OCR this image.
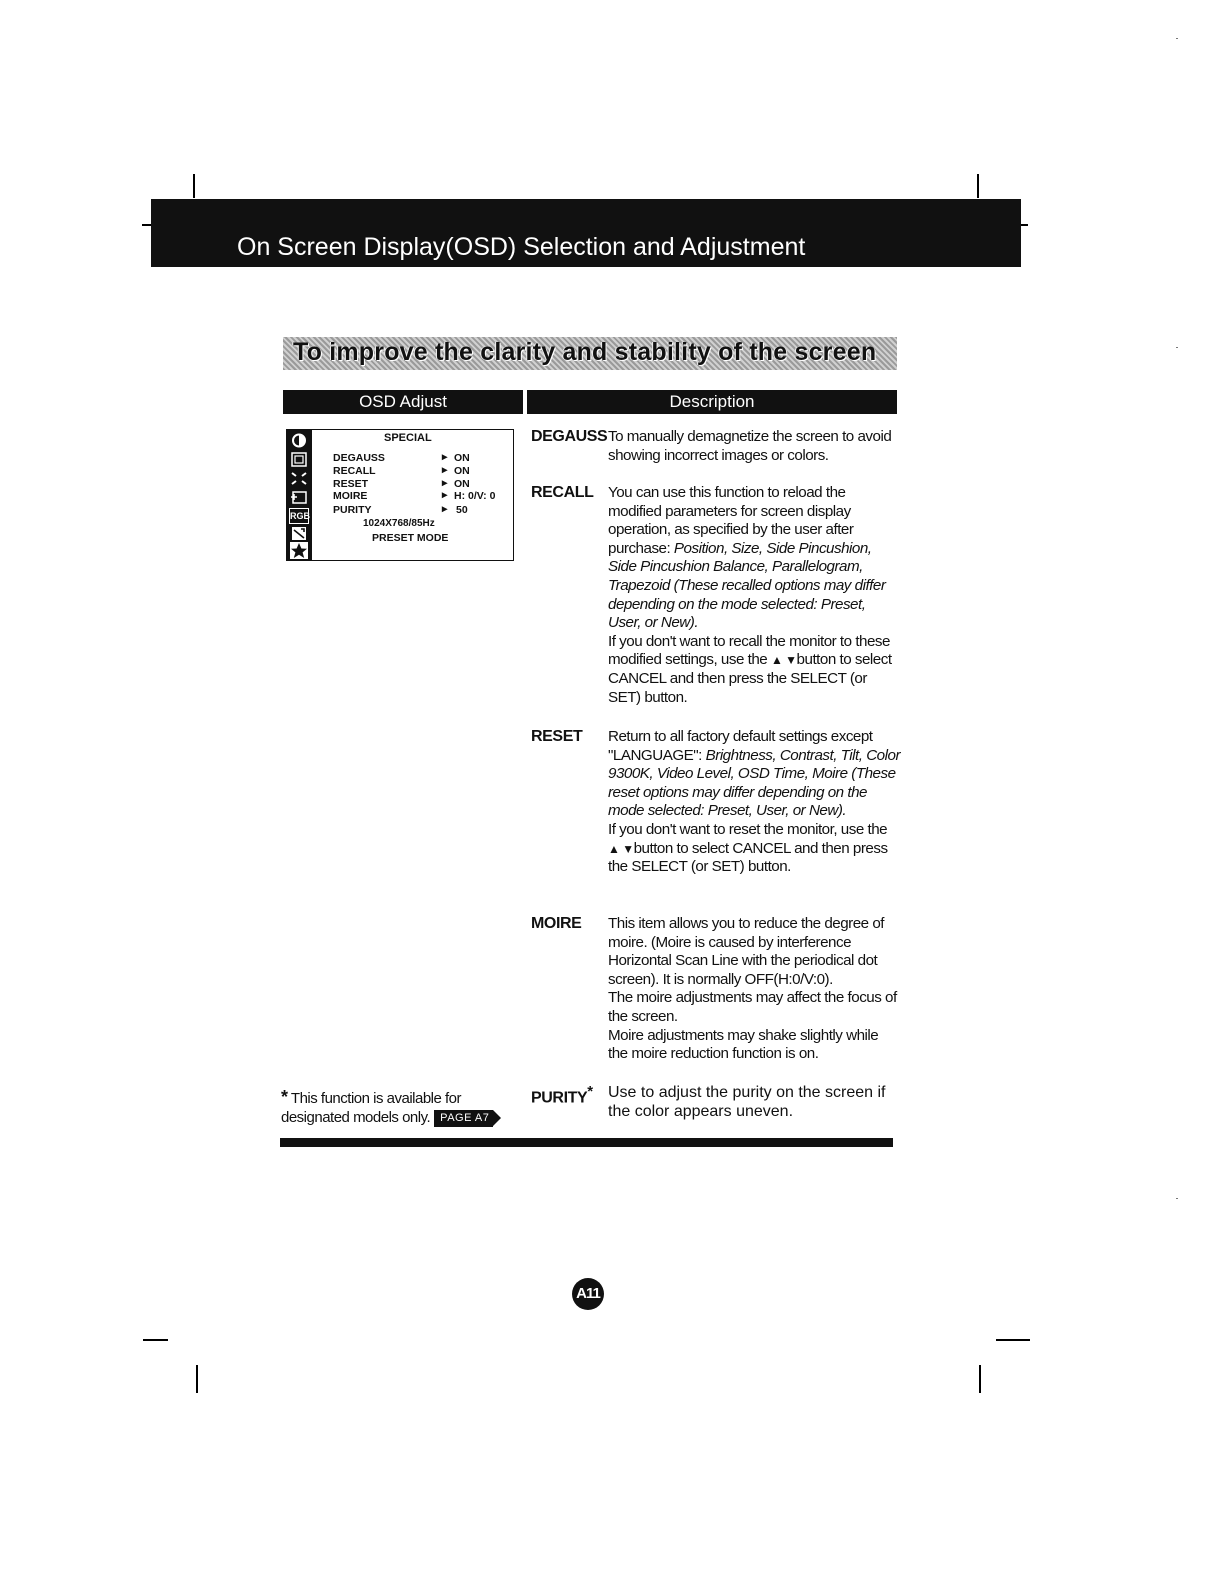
On Screen Display(OSD) Selection and Adjustment
To improve the clarity and stability of the screen
OSD Adjust	Description
RGB
SPECIAL
DEGAUSS	▸ ON
RECALL	▸ ON
RESET	▸ ON
MOIRE	▸ H: 0/V: 0
PURITY	▸ 50
1024X768/85Hz
PRESET MODE
DEGAUSS To manually demagnetize the screen to avoid showing incorrect images or colors.

RECALL You can use this function to reload the modified parameters for screen display operation, as specified by the user after purchase: Position, Size, Side Pincushion, Side Pincushion Balance, Parallelogram, Trapezoid (These recalled options may differ depending on the mode selected: Preset, User, or New).

If you don't want to recall the monitor to these modified settings, use the ▲ ▼button to select CANCEL and then press the SELECT (or SET) button.

RESET Return to all factory default settings except "LANGUAGE": Brightness, Contrast, Tilt, Color 9300K, Video Level, OSD Time, Moire (These reset options may differ depending on the mode selected: Preset, User, or New).

If you don't want to reset the monitor, use the ▲ ▼button to select CANCEL and then press the SELECT (or SET) button.

MOIRE This item allows you to reduce the degree of moire. (Moire is caused by interference Horizontal Scan Line with the periodical dot screen). It is normally OFF(H:0/V:0).

The moire adjustments may affect the focus of the screen.

Moire adjustments may shake slightly while the moire reduction function is on.

PURITY* Use to adjust the purity on the screen if the color appears uneven.

* This function is available for
designated models only. PAGE A7
A11
